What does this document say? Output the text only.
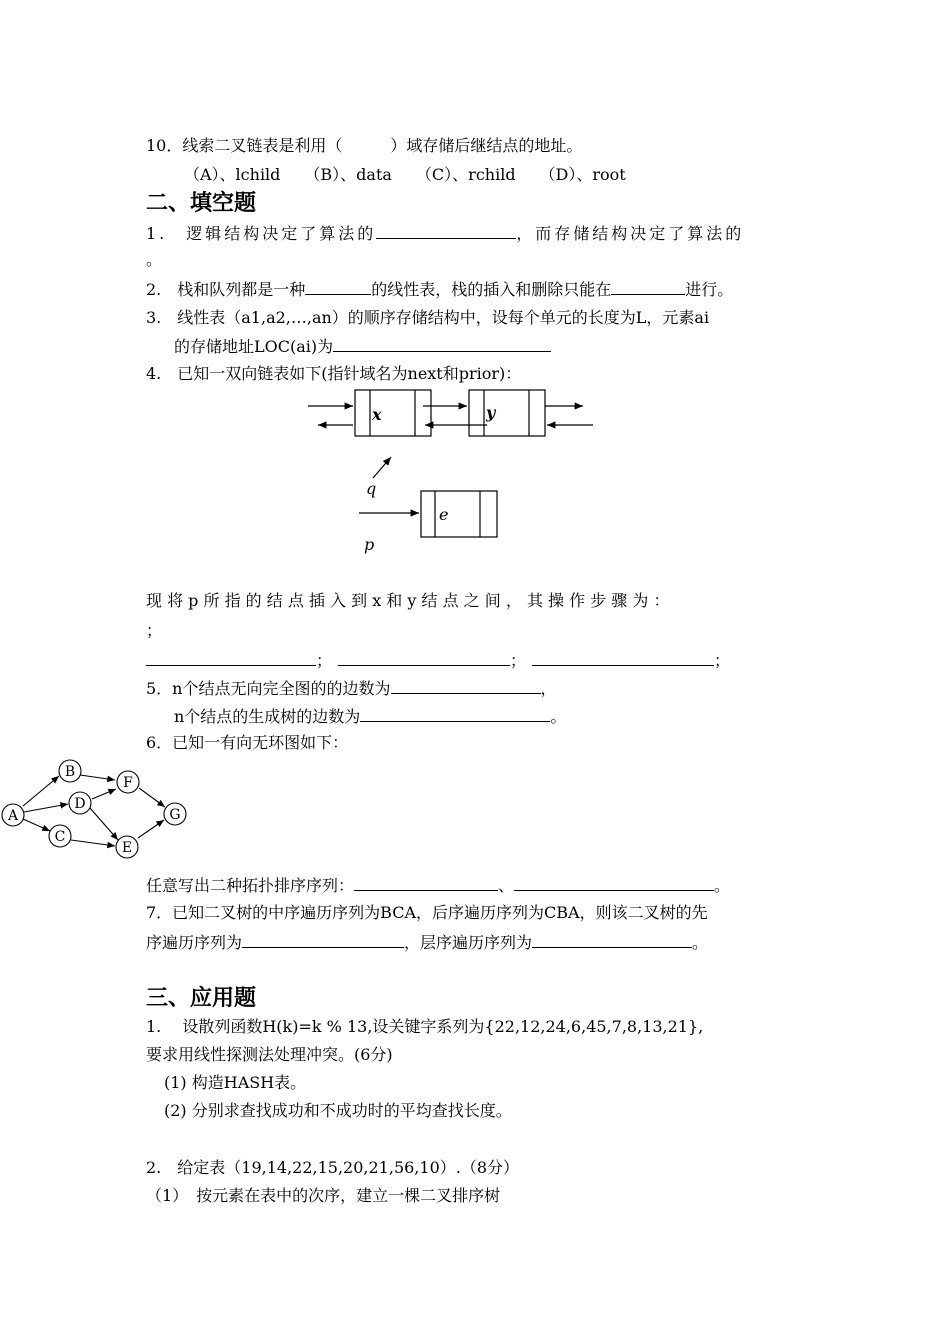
10．线索二叉链表是利用（　　　）域存储后继结点的地址。
（A）、lchild　　（B）、data　　（C）、rchild　　（D）、root
二、填空题
1.　逻辑结构决定了算法的	，而存储结构决定了算法的
。
2.　栈和队列都是一种	的线性表，栈的插入和删除只能在	进行。
3.　线性表（a1,a2,…,an）的顺序存储结构中，设每个单元的长度为L，元素ai
的存储地址LOC(ai)为
4.　已知一双向链表如下(指针域名为next和prior)：
x	y
q
e
p
现 将 p 所 指 的 结 点 插 入 到 x 和 y 结 点 之 间 ， 其 操 作 步 骤 为 ：
；
；	；	；
5．n个结点无向完全图的的边数为	，
n个结点的生成树的边数为	。
6．已知一有向无环图如下：
A
B
C
D
E
F
G
任意写出二种拓扑排序序列：	、	。
7．已知二叉树的中序遍历序列为BCA，后序遍历序列为CBA，则该二叉树的先
序遍历序列为	，层序遍历序列为	。
三、应用题
1.　 设散列函数H(k)=k % 13,设关键字系列为{22,12,24,6,45,7,8,13,21},
要求用线性探测法处理冲突。(6分)
(1) 构造HASH表。
(2) 分别求查找成功和不成功时的平均查找长度。
2.　给定表（19,14,22,15,20,21,56,10）.（8分）
（1）　按元素在表中的次序，建立一棵二叉排序树
